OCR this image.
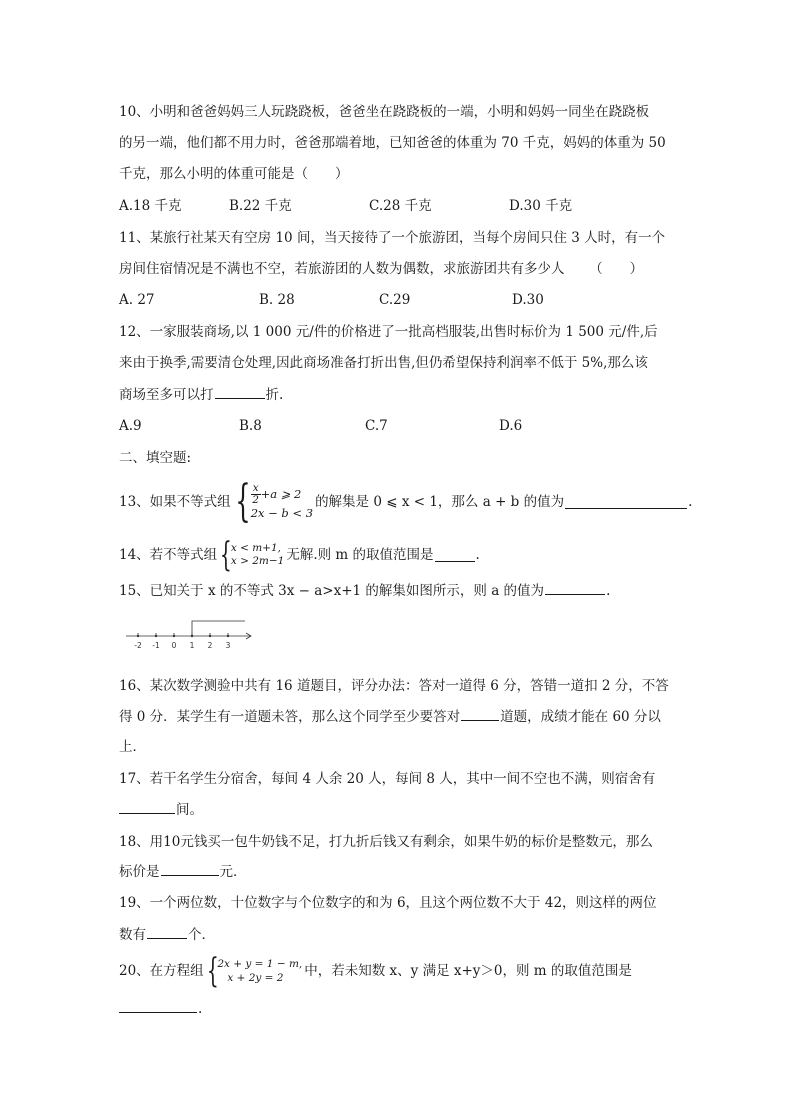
10、小明和爸爸妈妈三人玩跷跷板，爸爸坐在跷跷板的一端，小明和妈妈一同坐在跷跷板
的另一端，他们都不用力时，爸爸那端着地，已知爸爸的体重为 70 千克，妈妈的体重为 50
千克，那么小明的体重可能是（　　）
A.18 千克	B.22 千克	C.28 千克	D.30 千克
11、某旅行社某天有空房 10 间，当天接待了一个旅游团，当每个房间只住 3 人时，有一个
房间住宿情况是不满也不空，若旅游团的人数为偶数，求旅游团共有多少人 （　　）
A. 27	B. 28	C.29	D.30
12、一家服装商场,以 1 000 元/件的价格进了一批高档服装,出售时标价为 1 500 元/件,后
来由于换季,需要清仓处理,因此商场准备打折出售,但仍希望保持利润率不低于 5%,那么该
商场至多可以打	折.
A.9	B.8	C.7	D.6
二、填空题:
13、如果不等式组 { $\frac{x}{2} +a$ ⩾ 2
2x − b < 3
的解集是 0 ⩽ x < 1，那么 a + b 的值为	.
14、若不等式组 {
x < m+1,
x > 2m−1 无解.则 m 的取值范围是	.
15、已知关于 x 的不等式 3x − a>x+1 的解集如图所示，则 a 的值为	.
-2 -1 0 1 2 3
16、某次数学测验中共有 16 道题目，评分办法：答对一道得 6 分，答错一道扣 2 分，不答
得 0 分．某学生有一道题未答，那么这个同学至少要答对	道题，成绩才能在 60 分以
上．
17、若干名学生分宿舍，每间 4 人余 20 人，每间 8 人，其中一间不空也不满，则宿舍有
间。
18、用10元钱买一包牛奶钱不足，打九折后钱又有剩余，如果牛奶的标价是整数元，那么
标价是	元．
19、一个两位数，十位数字与个位数字的和为 6，且这个两位数不大于 42，则这样的两位
数有	个．
20、在方程组 {
2x + y = 1 − m,
x + 2y = 2	中，若未知数 x、y 满足 x+y＞0，则 m 的取值范围是
.
